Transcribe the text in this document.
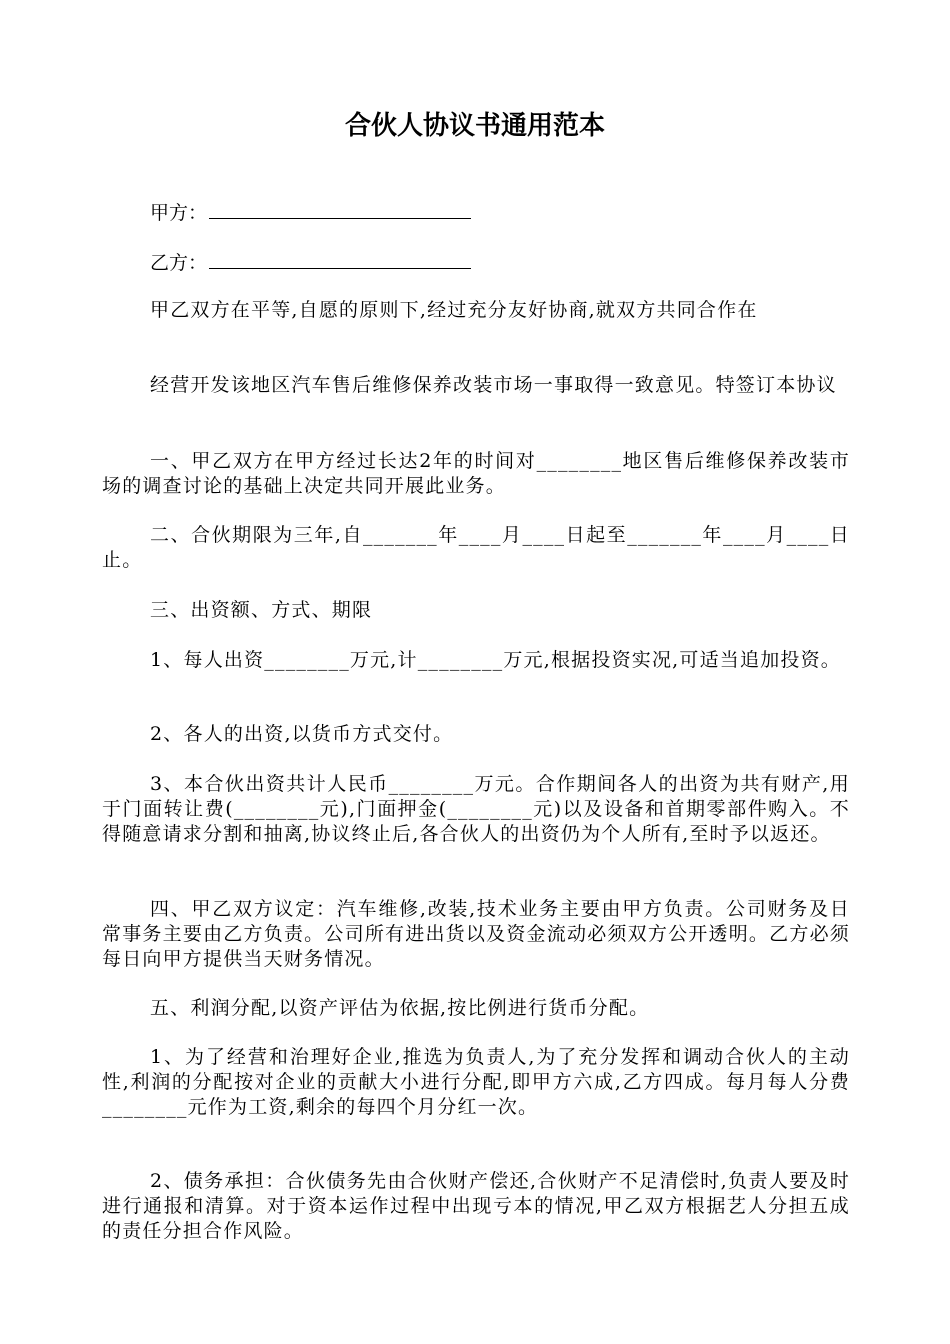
合伙人协议书通用范本
甲方：
乙方：

甲乙双方在平等,自愿的原则下,经过充分友好协商,就双方共同合作在

经营开发该地区汽车售后维修保养改装市场一事取得一致意见。特签订本协议

一、甲乙双方在甲方经过长达2年的时间对________地区售后维修保养改装市场的调查讨论的基础上决定共同开展此业务。

二、合伙期限为三年,自_______年____月____日起至_______年____月____日止。

三、出资额、方式、期限

1、每人出资________万元,计________万元,根据投资实况,可适当追加投资。

2、各人的出资,以货币方式交付。

3、本合伙出资共计人民币________万元。合作期间各人的出资为共有财产,用于门面转让费(________元),门面押金(________元)以及设备和首期零部件购入。不得随意请求分割和抽离,协议终止后,各合伙人的出资仍为个人所有,至时予以返还。

四、甲乙双方议定：汽车维修,改装,技术业务主要由甲方负责。公司财务及日常事务主要由乙方负责。公司所有进出货以及资金流动必须双方公开透明。乙方必须每日向甲方提供当天财务情况。

五、利润分配,以资产评估为依据,按比例进行货币分配。

1、为了经营和治理好企业,推选为负责人,为了充分发挥和调动合伙人的主动性,利润的分配按对企业的贡献大小进行分配,即甲方六成,乙方四成。每月每人分费________元作为工资,剩余的每四个月分红一次。

2、债务承担：合伙债务先由合伙财产偿还,合伙财产不足清偿时,负责人要及时进行通报和清算。对于资本运作过程中出现亏本的情况,甲乙双方根据艺人分担五成的责任分担合作风险。
